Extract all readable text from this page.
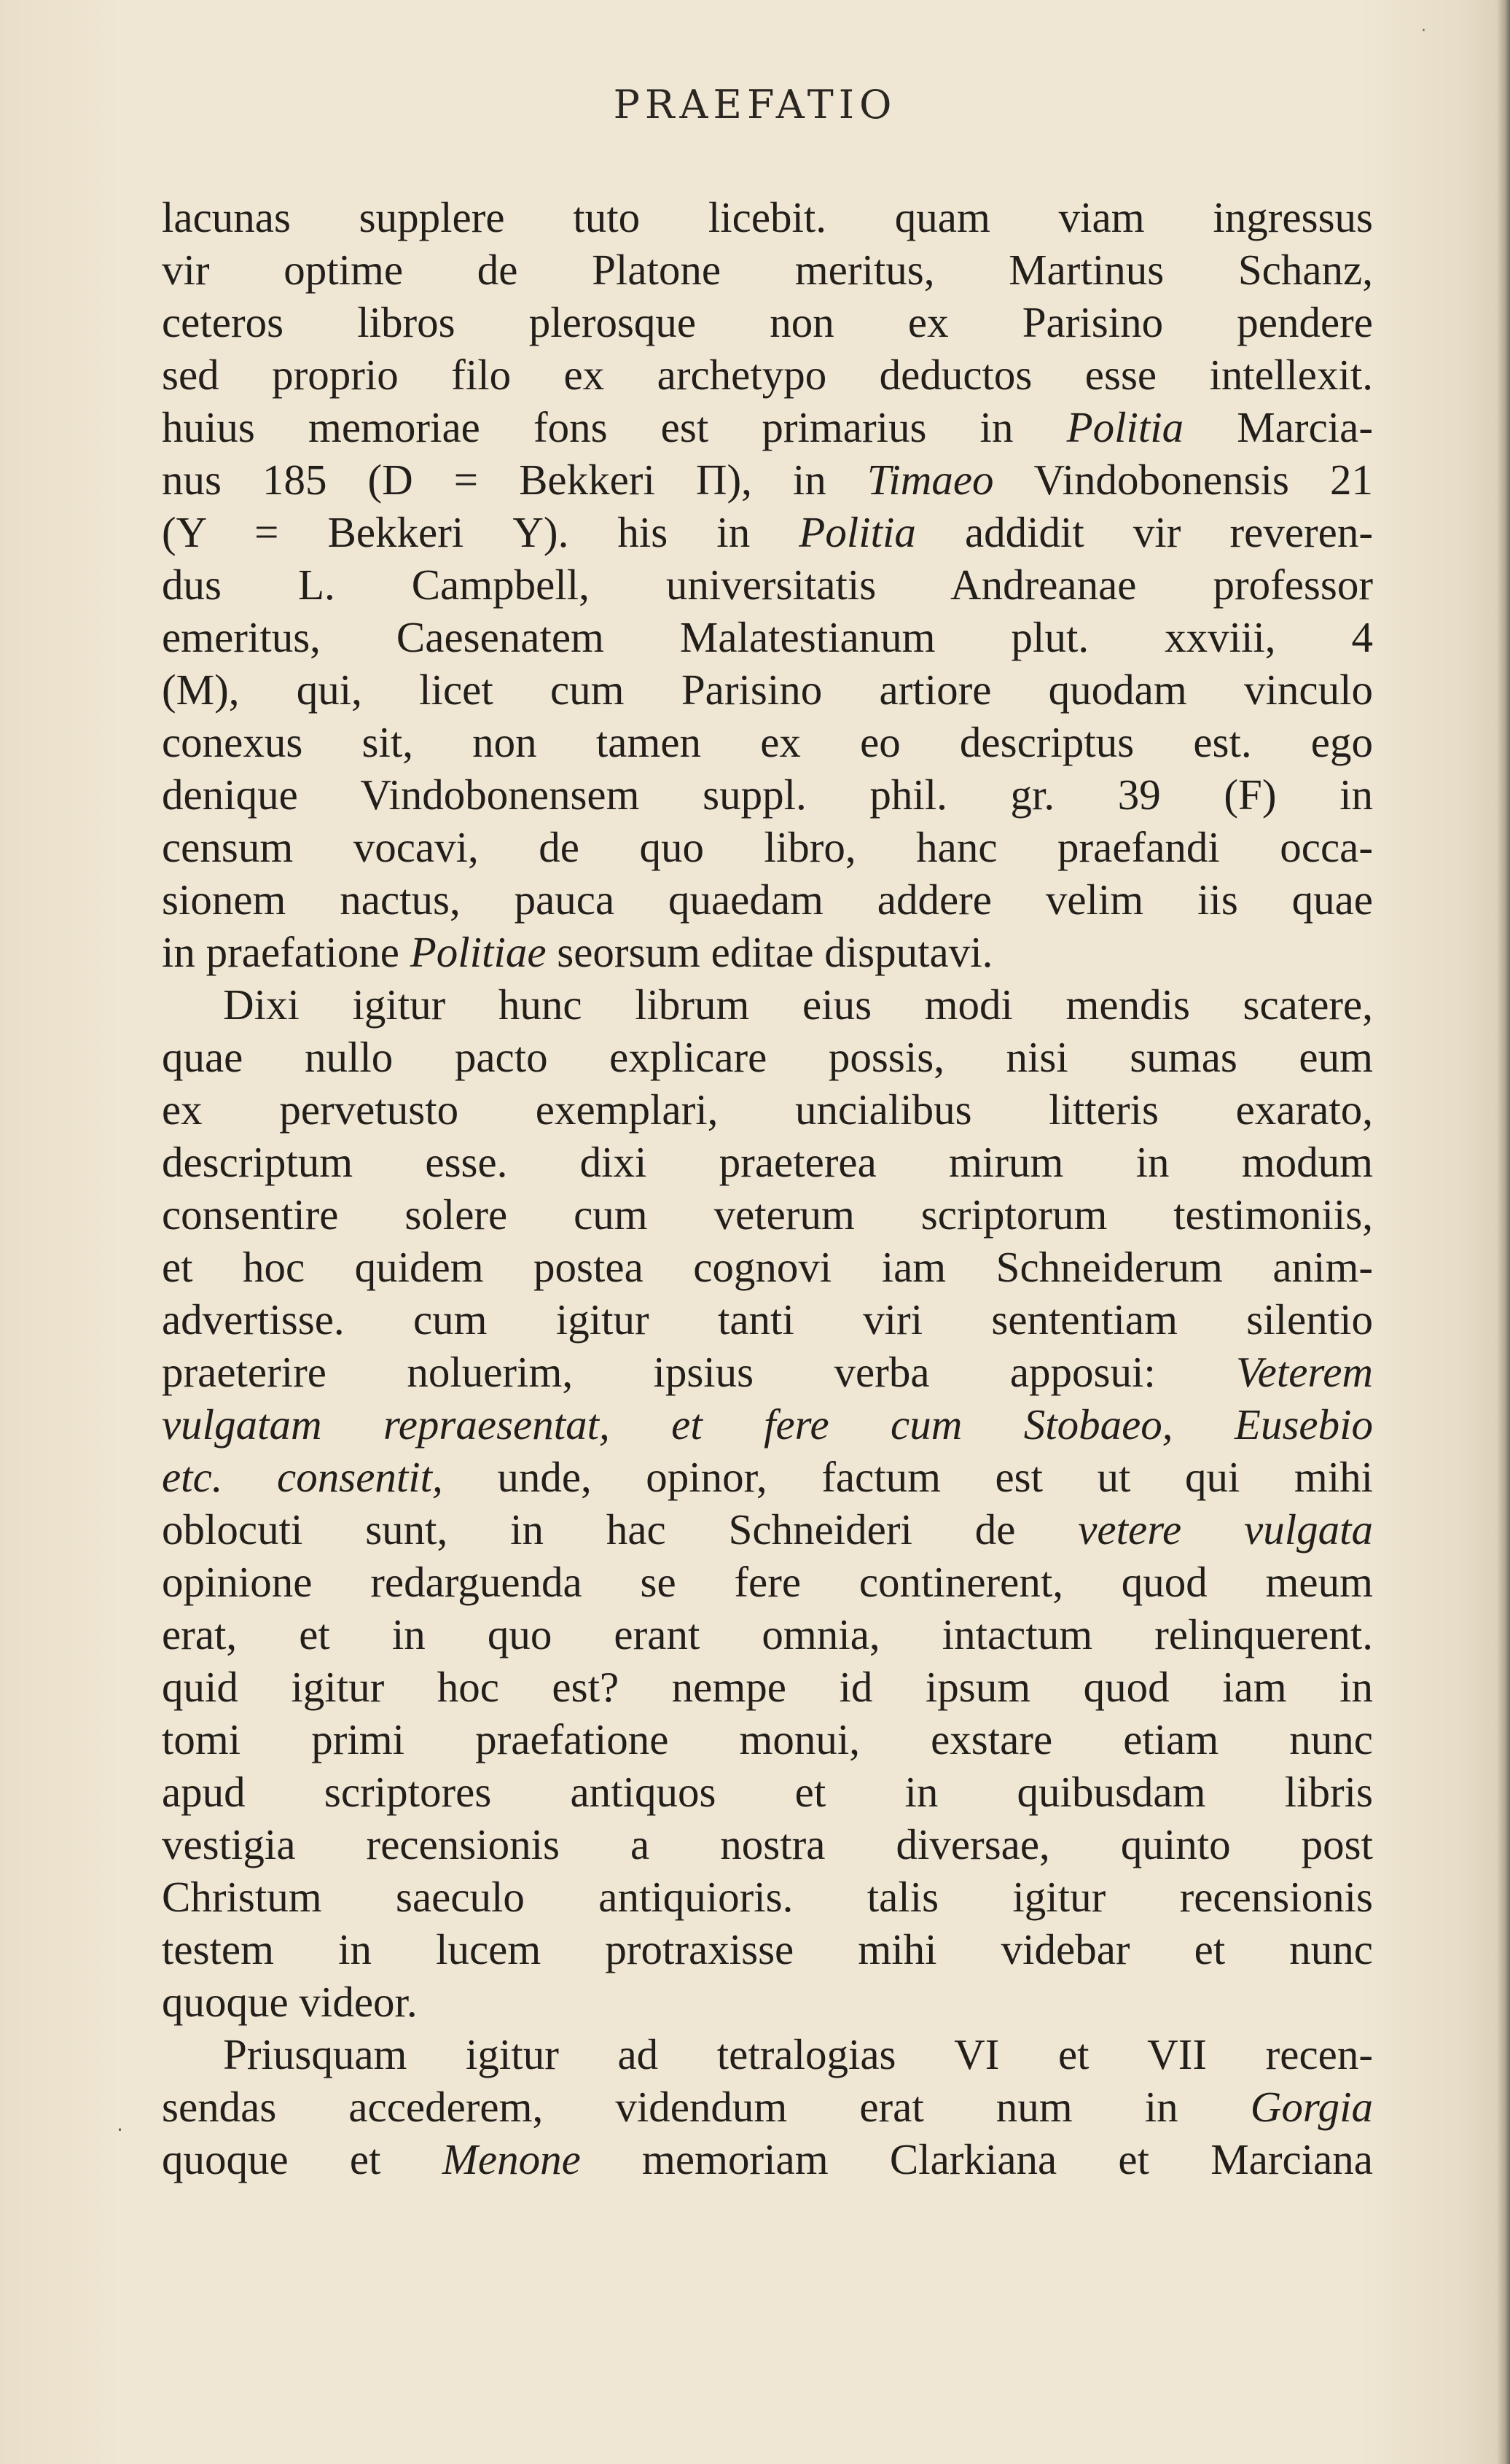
PRAEFATIO
lacunas supplere tuto licebit. quam viam ingressus
vir optime de Platone meritus, Martinus Schanz,
ceteros libros plerosque non ex Parisino pendere
sed proprio filo ex archetypo deductos esse intellexit.
huius memoriae fons est primarius in Politia Marcia-
nus 185 (D = Bekkeri Π), in Timaeo Vindobonensis 21
(Y = Bekkeri Υ). his in Politia addidit vir reveren-
dus L. Campbell, universitatis Andreanae professor
emeritus, Caesenatem Malatestianum plut. xxviii, 4
(M), qui, licet cum Parisino artiore quodam vinculo
conexus sit, non tamen ex eo descriptus est. ego
denique Vindobonensem suppl. phil. gr. 39 (F) in
censum vocavi, de quo libro, hanc praefandi occa-
sionem nactus, pauca quaedam addere velim iis quae
in praefatione Politiae seorsum editae disputavi.
Dixi igitur hunc librum eius modi mendis scatere,
quae nullo pacto explicare possis, nisi sumas eum
ex pervetusto exemplari, uncialibus litteris exarato,
descriptum esse. dixi praeterea mirum in modum
consentire solere cum veterum scriptorum testimoniis,
et hoc quidem postea cognovi iam Schneiderum anim-
advertisse. cum igitur tanti viri sententiam silentio
praeterire noluerim, ipsius verba apposui: Veterem
vulgatam repraesentat, et fere cum Stobaeo, Eusebio
etc. consentit, unde, opinor, factum est ut qui mihi
oblocuti sunt, in hac Schneideri de vetere vulgata
opinione redarguenda se fere continerent, quod meum
erat, et in quo erant omnia, intactum relinquerent.
quid igitur hoc est? nempe id ipsum quod iam in
tomi primi praefatione monui, exstare etiam nunc
apud scriptores antiquos et in quibusdam libris
vestigia recensionis a nostra diversae, quinto post
Christum saeculo antiquioris. talis igitur recensionis
testem in lucem protraxisse mihi videbar et nunc
quoque videor.
Priusquam igitur ad tetralogias VI et VII recen-
sendas accederem, videndum erat num in Gorgia
quoque et Menone memoriam Clarkiana et Marciana
·
·
